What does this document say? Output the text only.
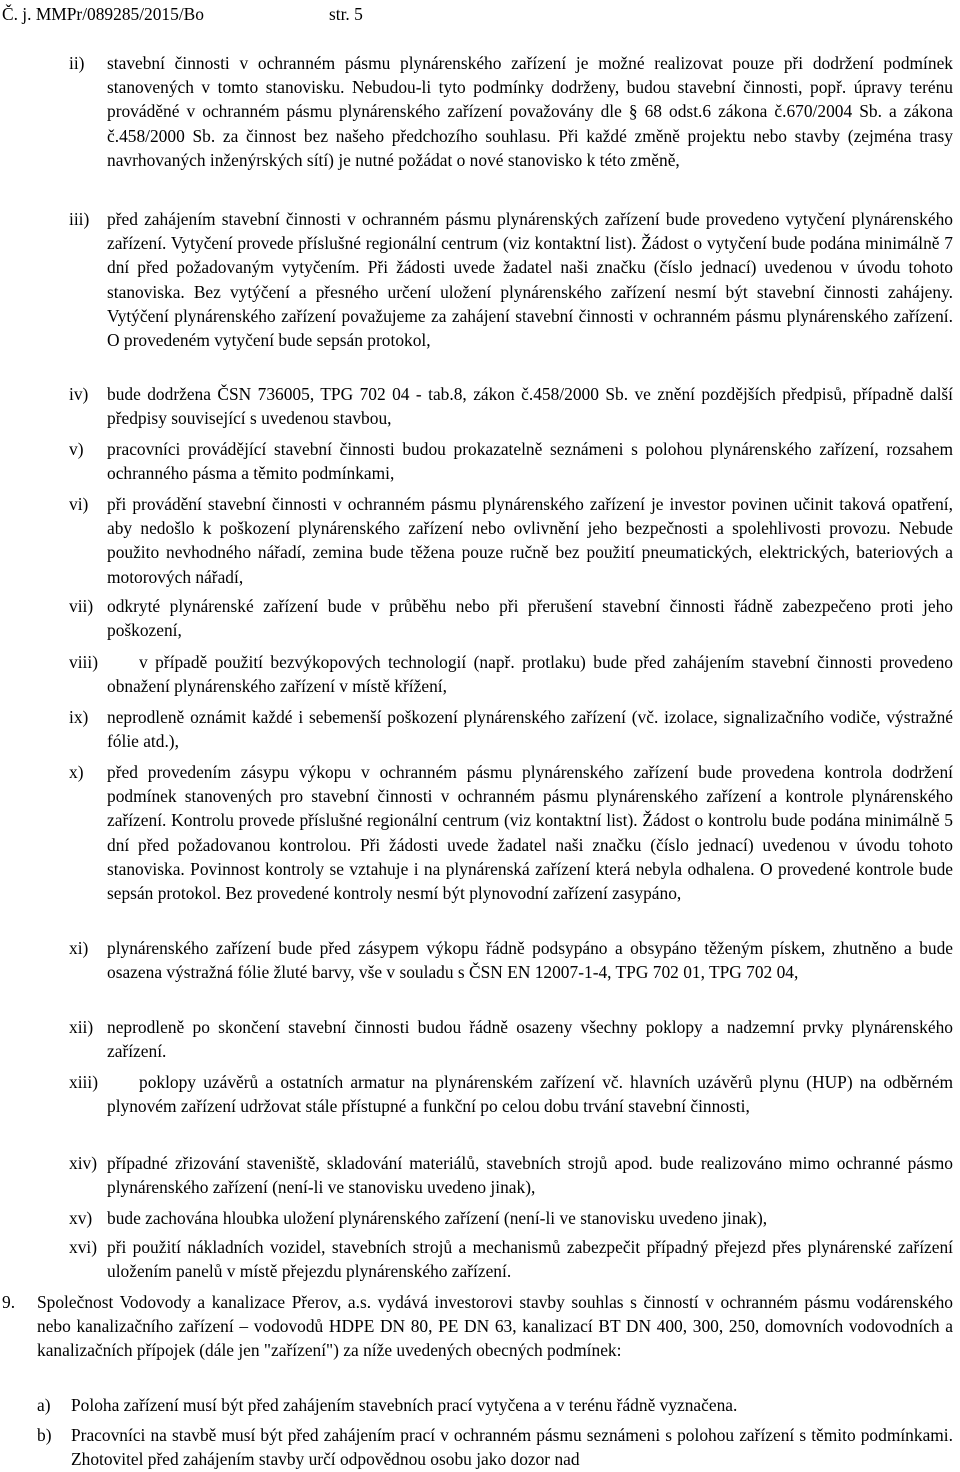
Č. j. MMPr/089285/2015/Bo	str. 5
ii) stavební činnosti v ochranném pásmu plynárenského zařízení je možné realizovat pouze při dodržení podmínek stanovených v tomto stanovisku. Nebudou-li tyto podmínky dodrženy, budou stavební činnosti, popř. úpravy terénu prováděné v ochranném pásmu plynárenského zařízení považovány dle § 68 odst.6 zákona č.670/2004 Sb. a zákona č.458/2000 Sb. za činnost bez našeho předchozího souhlasu. Při každé změně projektu nebo stavby (zejména trasy navrhovaných inženýrských sítí) je nutné požádat o nové stanovisko k této změně,
iii) před zahájením stavební činnosti v ochranném pásmu plynárenských zařízení bude provedeno vytyčení plynárenského zařízení. Vytyčení provede příslušné regionální centrum (viz kontaktní list). Žádost o vytyčení bude podána minimálně 7 dní před požadovaným vytyčením. Při žádosti uvede žadatel naši značku (číslo jednací) uvedenou v úvodu tohoto stanoviska. Bez vytýčení a přesného určení uložení plynárenského zařízení nesmí být stavební činnosti zahájeny. Vytýčení plynárenského zařízení považujeme za zahájení stavební činnosti v ochranném pásmu plynárenského zařízení. O provedeném vytyčení bude sepsán protokol,
iv) bude dodržena ČSN 736005, TPG 702 04 - tab.8, zákon č.458/2000 Sb. ve znění pozdějších předpisů, případně další předpisy související s uvedenou stavbou,
v) pracovníci provádějící stavební činnosti budou prokazatelně seznámeni s polohou plynárenského zařízení, rozsahem ochranného pásma a těmito podmínkami,
vi) při provádění stavební činnosti v ochranném pásmu plynárenského zařízení je investor povinen učinit taková opatření, aby nedošlo k poškození plynárenského zařízení nebo ovlivnění jeho bezpečnosti a spolehlivosti provozu. Nebude použito nevhodného nářadí, zemina bude těžena pouze ručně bez použití pneumatických, elektrických, bateriových a motorových nářadí,
vii) odkryté plynárenské zařízení bude v průběhu nebo při přerušení stavební činnosti řádně zabezpečeno proti jeho poškození,
viii)	v případě použití bezvýkopových technologií (např. protlaku) bude před zahájením stavební činnosti provedeno obnažení plynárenského zařízení v místě křížení,
ix) neprodleně oznámit každé i sebemenší poškození plynárenského zařízení (vč. izolace, signalizačního vodiče, výstražné fólie atd.),
x) před provedením zásypu výkopu v ochranném pásmu plynárenského zařízení bude provedena kontrola dodržení podmínek stanovených pro stavební činnosti v ochranném pásmu plynárenského zařízení a kontrole plynárenského zařízení. Kontrolu provede příslušné regionální centrum (viz kontaktní list). Žádost o kontrolu bude podána minimálně 5 dní před požadovanou kontrolou. Při žádosti uvede žadatel naši značku (číslo jednací) uvedenou v úvodu tohoto stanoviska. Povinnost kontroly se vztahuje i na plynárenská zařízení která nebyla odhalena. O provedené kontrole bude sepsán protokol. Bez provedené kontroly nesmí být plynovodní zařízení zasypáno,
xi) plynárenského zařízení bude před zásypem výkopu řádně podsypáno a obsypáno těženým pískem, zhutněno a bude osazena výstražná fólie žluté barvy, vše v souladu s ČSN EN 12007-1-4, TPG 702 01, TPG 702 04,
xii) neprodleně po skončení stavební činnosti budou řádně osazeny všechny poklopy a nadzemní prvky plynárenského zařízení.
xiii)	poklopy uzávěrů a ostatních armatur na plynárenském zařízení vč. hlavních uzávěrů plynu (HUP) na odběrném plynovém zařízení udržovat stále přístupné a funkční po celou dobu trvání stavební činnosti,
xiv) případné zřizování staveniště, skladování materiálů, stavebních strojů apod. bude realizováno mimo ochranné pásmo plynárenského zařízení (není-li ve stanovisku uvedeno jinak),
xv) bude zachována hloubka uložení plynárenského zařízení (není-li ve stanovisku uvedeno jinak),
xvi) při použití nákladních vozidel, stavebních strojů a mechanismů zabezpečit případný přejezd přes plynárenské zařízení uložením panelů v místě přejezdu plynárenského zařízení.
9. Společnost Vodovody a kanalizace Přerov, a.s. vydává investorovi stavby souhlas s činností v ochranném pásmu vodárenského nebo kanalizačního zařízení – vodovodů HDPE DN 80, PE DN 63, kanalizací BT DN 400, 300, 250, domovních vodovodních a kanalizačních přípojek (dále jen "zařízení") za níže uvedených obecných podmínek:
a) Poloha zařízení musí být před zahájením stavebních prací vytyčena a v terénu řádně vyznačena.
b) Pracovníci na stavbě musí být před zahájením prací v ochranném pásmu seznámeni s polohou zařízení s těmito podmínkami. Zhotovitel před zahájením stavby určí odpovědnou osobu jako dozor nad
